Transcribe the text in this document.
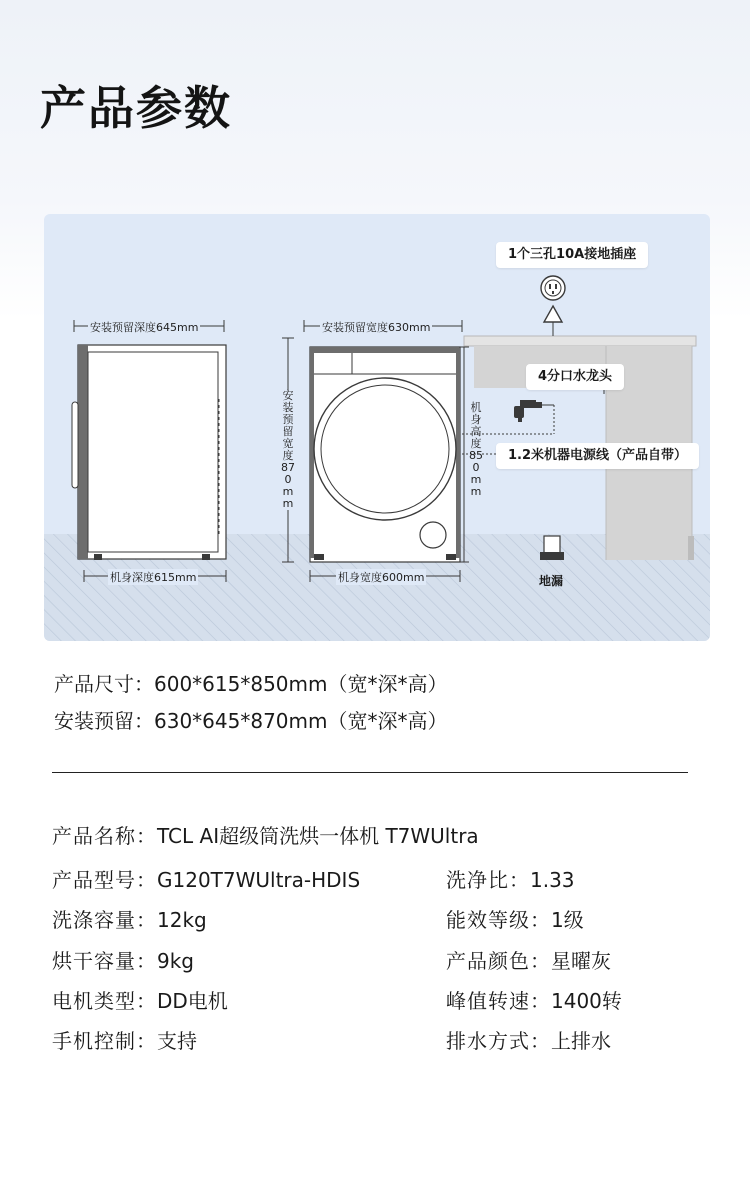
产品参数
1个三孔10A接地插座
4分口水龙头
1.2米机器电源线（产品自带）
安装预留深度645mm	安装预留宽度630mm
机身深度615mm	机身宽度600mm
安装预留宽度870mm
机身高度850mm
地漏
产品尺寸：600*615*850mm（宽*深*高）
安装预留：630*645*870mm（宽*深*高）
产品名称：TCL AI超级筒洗烘一体机 T7WUltra
产品型号：G120T7WUltra-HDIS	洗净比：1.33
洗涤容量：12kg	能效等级：1级
烘干容量：9kg	产品颜色：星曜灰
电机类型：DD电机	峰值转速：1400转
手机控制：支持	排水方式：上排水
